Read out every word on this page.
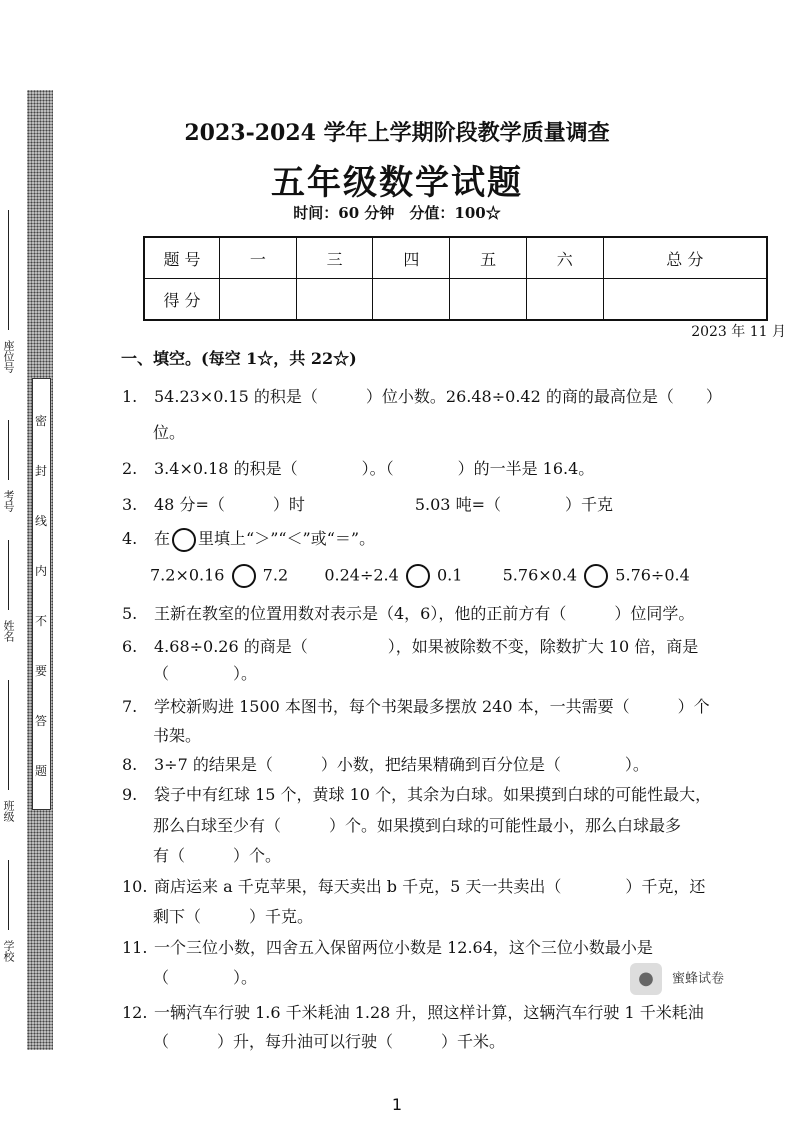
密
封
线
内
不
要
答
题
座位号
考号
姓名
班级
学校
2023-2024 学年上学期阶段教学质量调查
五年级数学试题
时间：60 分钟　分值：100☆
题 号	一	三	四	五	六	总 分
得 分						
2023 年 11 月
一、填空。(每空 1☆，共 22☆)
1. 54.23×0.15 的积是（　　　）位小数。26.48÷0.42 的商的最高位是（　　）
位。
2. 3.4×0.18 的积是（　　　　）。（　　　　）的一半是 16.4。
3. 48 分=（　　　）时	5.03 吨=（　　　　）千克
4. 在 里填上“＞”“＜”或“＝”。
7.2×0.16 7.2 0.24÷2.4 0.1	5.76×0.4 5.76÷0.4
5. 王新在教室的位置用数对表示是（4，6），他的正前方有（　　　）位同学。
6. 4.68÷0.26 的商是（　　　　　），如果被除数不变，除数扩大 10 倍，商是
（　　　　）。
7. 学校新购进 1500 本图书，每个书架最多摆放 240 本，一共需要（　　　）个
书架。
8. 3÷7 的结果是（　　　）小数，把结果精确到百分位是（　　　　）。
9. 袋子中有红球 15 个，黄球 10 个，其余为白球。如果摸到白球的可能性最大，
那么白球至少有（　　　）个。如果摸到白球的可能性最小，那么白球最多
有（　　　）个。
10. 商店运来 a 千克苹果，每天卖出 b 千克，5 天一共卖出（　　　　）千克，还
剩下（　　　）千克。
11. 一个三位小数，四舍五入保留两位小数是 12.64，这个三位小数最小是
（　　　　）。
12. 一辆汽车行驶 1.6 千米耗油 1.28 升，照这样计算，这辆汽车行驶 1 千米耗油
（　　　）升，每升油可以行驶（　　　）千米。
● 蜜蜂试卷
1
